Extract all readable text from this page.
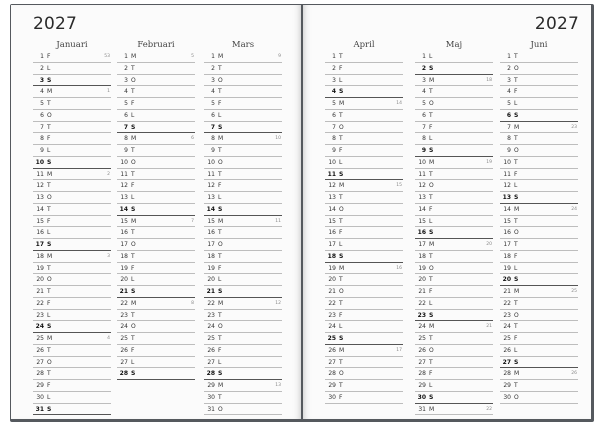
2027
Januari
1 F	53
2 L
3 S
4 M	1
5 T
6 O
7 T
8 F
9 L
10 S
11 M	2
12 T
13 O
14 T
15 F
16 L
17 S
18 M	3
19 T
20 O
21 T
22 F
23 L
24 S
25 M	4
26 T
27 O
28 T
29 F
30 L
31 S
Februari
1 M	5
2 T
3 O
4 T
5 F
6 L
7 S
8 M	6
9 T
10 O
11 T
12 F
13 L
14 S
15 M	7
16 T
17 O
18 T
19 F
20 L
21 S
22 M	8
23 T
24 O
25 T
26 F
27 L
28 S
Mars
1 M	9
2 T
3 O
4 T
5 F
6 L
7 S
8 M	10
9 T
10 O
11 T
12 F
13 L
14 S
15 M	11
16 T
17 O
18 T
19 F
20 L
21 S
22 M	12
23 T
24 O
25 T
26 F
27 L
28 S
29 M	13
30 T
31 O
2027
April
1 T
2 F
3 L
4 S
5 M	14
6 T
7 O
8 T
9 F
10 L
11 S
12 M	15
13 T
14 O
15 T
16 F
17 L
18 S
19 M	16
20 T
21 O
22 T
23 F
24 L
25 S
26 M	17
27 T
28 O
29 T
30 F
Maj
1 L
2 S
3 M	18
4 T
5 O
6 T
7 F
8 L
9 S
10 M	19
11 T
12 O
13 T
14 F
15 L
16 S
17 M	20
18 T
19 O
20 T
21 F
22 L
23 S
24 M	21
25 T
26 O
27 T
28 F
29 L
30 S
31 M	22
Juni
1 T
2 O
3 T
4 F
5 L
6 S
7 M	23
8 T
9 O
10 T
11 F
12 L
13 S
14 M	24
15 T
16 O
17 T
18 F
19 L
20 S
21 M	25
22 T
23 O
24 T
25 F
26 L
27 S
28 M	26
29 T
30 O
